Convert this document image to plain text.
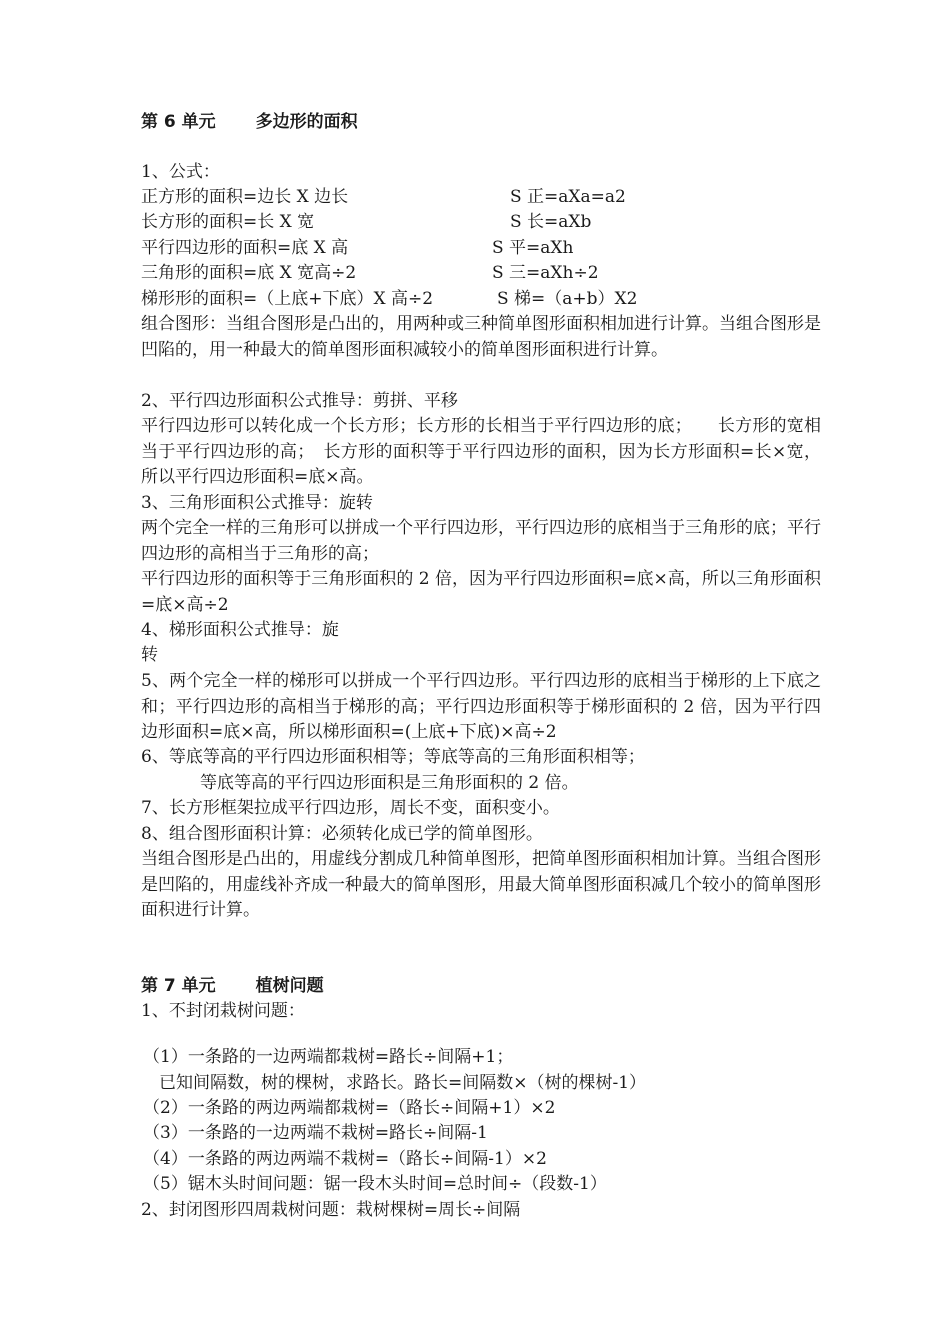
第 6 单元 多边形的面积
1、公式：
正方形的面积=边长 X 边长	S 正=aXa=a2
长方形的面积=长 X 宽	S 长=aXb
平行四边形的面积=底 X 高	S 平=aXh
三角形的面积=底 X 宽高÷2	S 三=aXh÷2
梯形形的面积=（上底+下底）X 高÷2	S 梯=（a+b）X2
组合图形：当组合图形是凸出的，用两种或三种简单图形面积相加进行计算。当组合图形是凹陷的，用一种最大的简单图形面积减较小的简单图形面积进行计算。
2、平行四边形面积公式推导：剪拼、平移
平行四边形可以转化成一个长方形；长方形的长相当于平行四边形的底；　　长方形的宽相当于平行四边形的高；　长方形的面积等于平行四边形的面积，因为长方形面积=长×宽，所以平行四边形面积=底×高。
3、三角形面积公式推导：旋转
两个完全一样的三角形可以拼成一个平行四边形，平行四边形的底相当于三角形的底；平行四边形的高相当于三角形的高；
平行四边形的面积等于三角形面积的 2 倍，因为平行四边形面积=底×高，所以三角形面积=底×高÷2
4、梯形面积公式推导：旋
转
5、两个完全一样的梯形可以拼成一个平行四边形。平行四边形的底相当于梯形的上下底之和；平行四边形的高相当于梯形的高；平行四边形面积等于梯形面积的 2 倍，因为平行四边形面积=底×高，所以梯形面积=(上底+下底)×高÷2
6、等底等高的平行四边形面积相等；等底等高的三角形面积相等；
等底等高的平行四边形面积是三角形面积的 2 倍。
7、长方形框架拉成平行四边形，周长不变，面积变小。
8、组合图形面积计算：必须转化成已学的简单图形。
当组合图形是凸出的，用虚线分割成几种简单图形，把简单图形面积相加计算。当组合图形是凹陷的，用虚线补齐成一种最大的简单图形，用最大简单图形面积减几个较小的简单图形面积进行计算。
第 7 单元 植树问题
1、不封闭栽树问题：
（1）一条路的一边两端都栽树=路长÷间隔+1；
已知间隔数，树的棵树，求路长。路长=间隔数×（树的棵树-1）
（2）一条路的两边两端都栽树=（路长÷间隔+1）×2
（3）一条路的一边两端不栽树=路长÷间隔-1
（4）一条路的两边两端不栽树=（路长÷间隔-1）×2
（5）锯木头时间问题：锯一段木头时间=总时间÷（段数-1）
2、封闭图形四周栽树问题：栽树棵树=周长÷间隔
